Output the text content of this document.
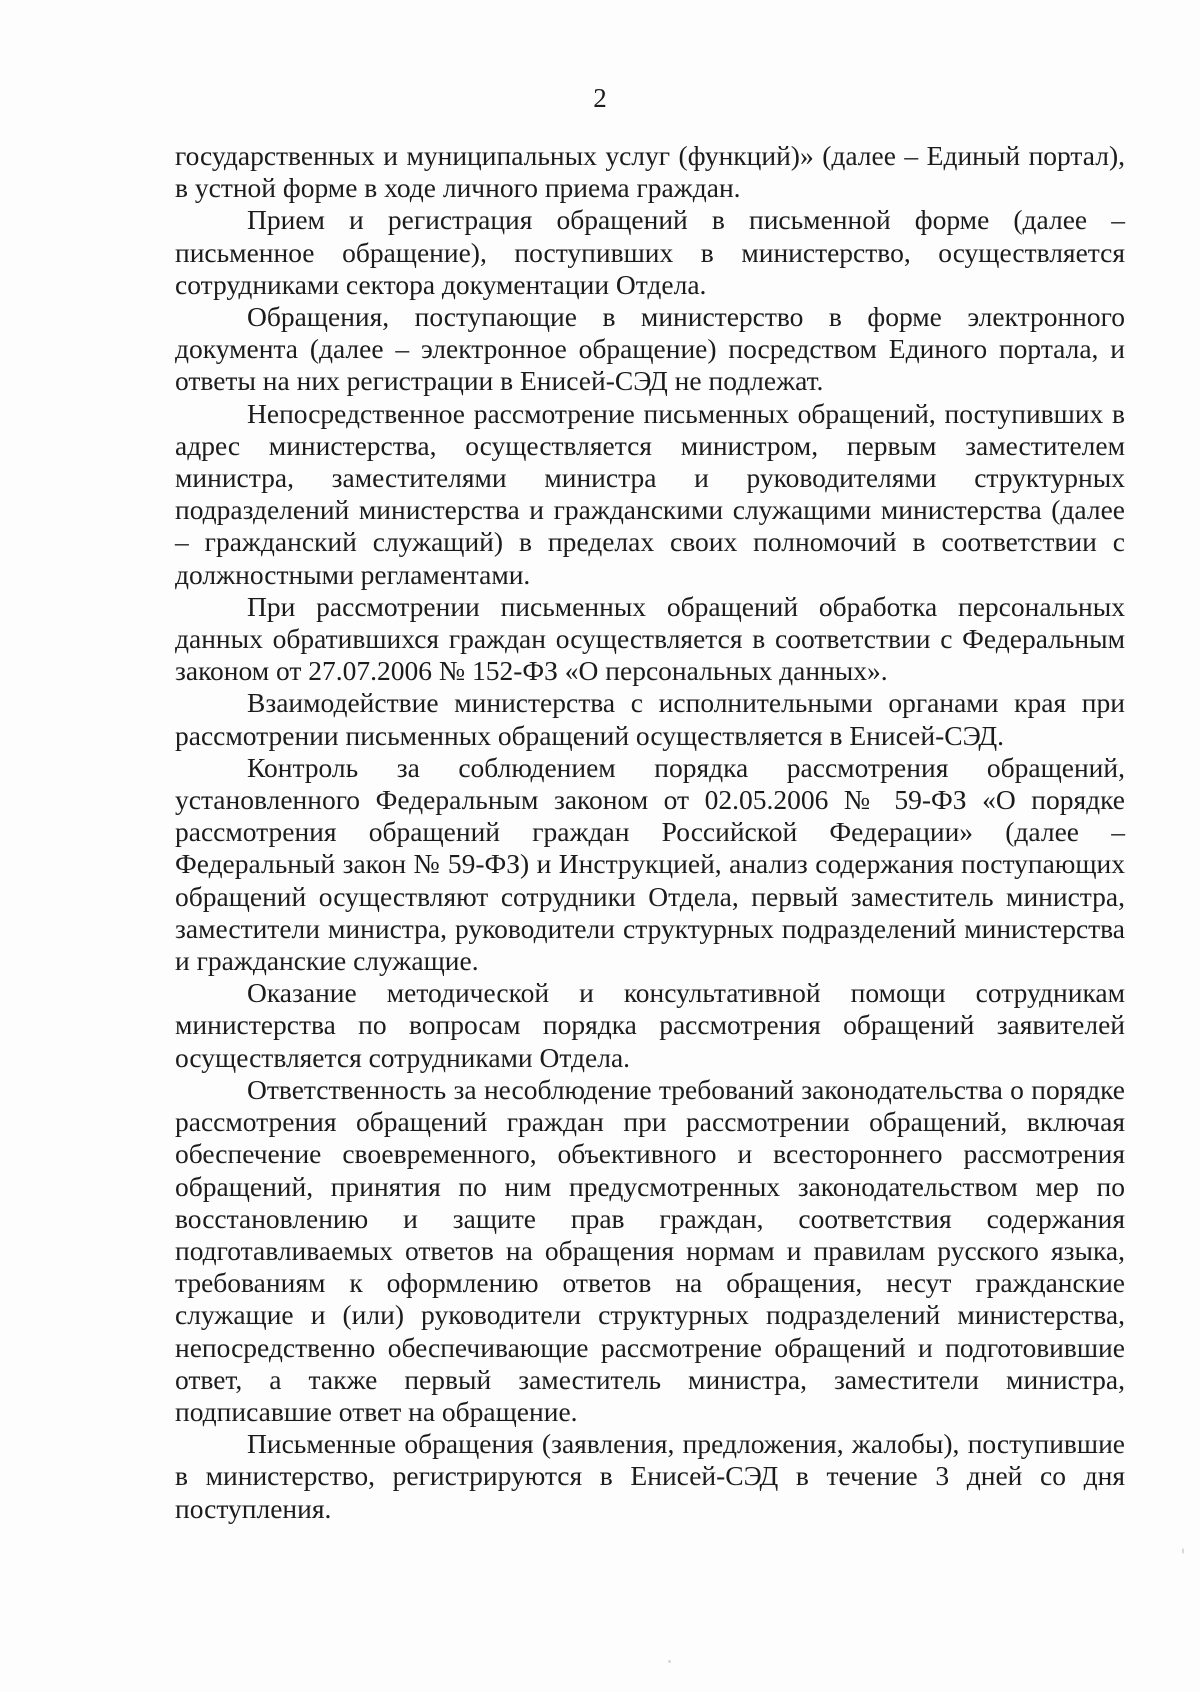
2

государственных и муниципальных услуг (функций)» (далее – Единый портал), в устной форме в ходе личного приема граждан.

Прием и регистрация обращений в письменной форме (далее – письменное обращение), поступивших в министерство, осуществляется сотрудниками сектора документации Отдела.

Обращения, поступающие в министерство в форме электронного документа (далее – электронное обращение) посредством Единого портала, и ответы на них регистрации в Енисей-СЭД не подлежат.

Непосредственное рассмотрение письменных обращений, поступивших в адрес министерства, осуществляется министром, первым заместителем министра, заместителями министра и руководителями структурных подразделений министерства и гражданскими служащими министерства (далее – гражданский служащий) в пределах своих полномочий в соответствии с должностными регламентами.

При рассмотрении письменных обращений обработка персональных данных обратившихся граждан осуществляется в соответствии с Федеральным законом от 27.07.2006 № 152-ФЗ «О персональных данных».

Взаимодействие министерства с исполнительными органами края при рассмотрении письменных обращений осуществляется в Енисей-СЭД.

Контроль за соблюдением порядка рассмотрения обращений, установленного Федеральным законом от 02.05.2006 № 59-ФЗ «О порядке рассмотрения обращений граждан Российской Федерации» (далее – Федеральный закон № 59-ФЗ) и Инструкцией, анализ содержания поступающих обращений осуществляют сотрудники Отдела, первый заместитель министра, заместители министра, руководители структурных подразделений министерства и гражданские служащие.

Оказание методической и консультативной помощи сотрудникам министерства по вопросам порядка рассмотрения обращений заявителей осуществляется сотрудниками Отдела.

Ответственность за несоблюдение требований законодательства о порядке рассмотрения обращений граждан при рассмотрении обращений, включая обеспечение своевременного, объективного и всестороннего рассмотрения обращений, принятия по ним предусмотренных законодательством мер по восстановлению и защите прав граждан, соответствия содержания подготавливаемых ответов на обращения нормам и правилам русского языка, требованиям к оформлению ответов на обращения, несут гражданские служащие и (или) руководители структурных подразделений министерства, непосредственно обеспечивающие рассмотрение обращений и подготовившие ответ, а также первый заместитель министра, заместители министра, подписавшие ответ на обращение.

Письменные обращения (заявления, предложения, жалобы), поступившие в министерство, регистрируются в Енисей-СЭД в течение 3 дней со дня поступления.
